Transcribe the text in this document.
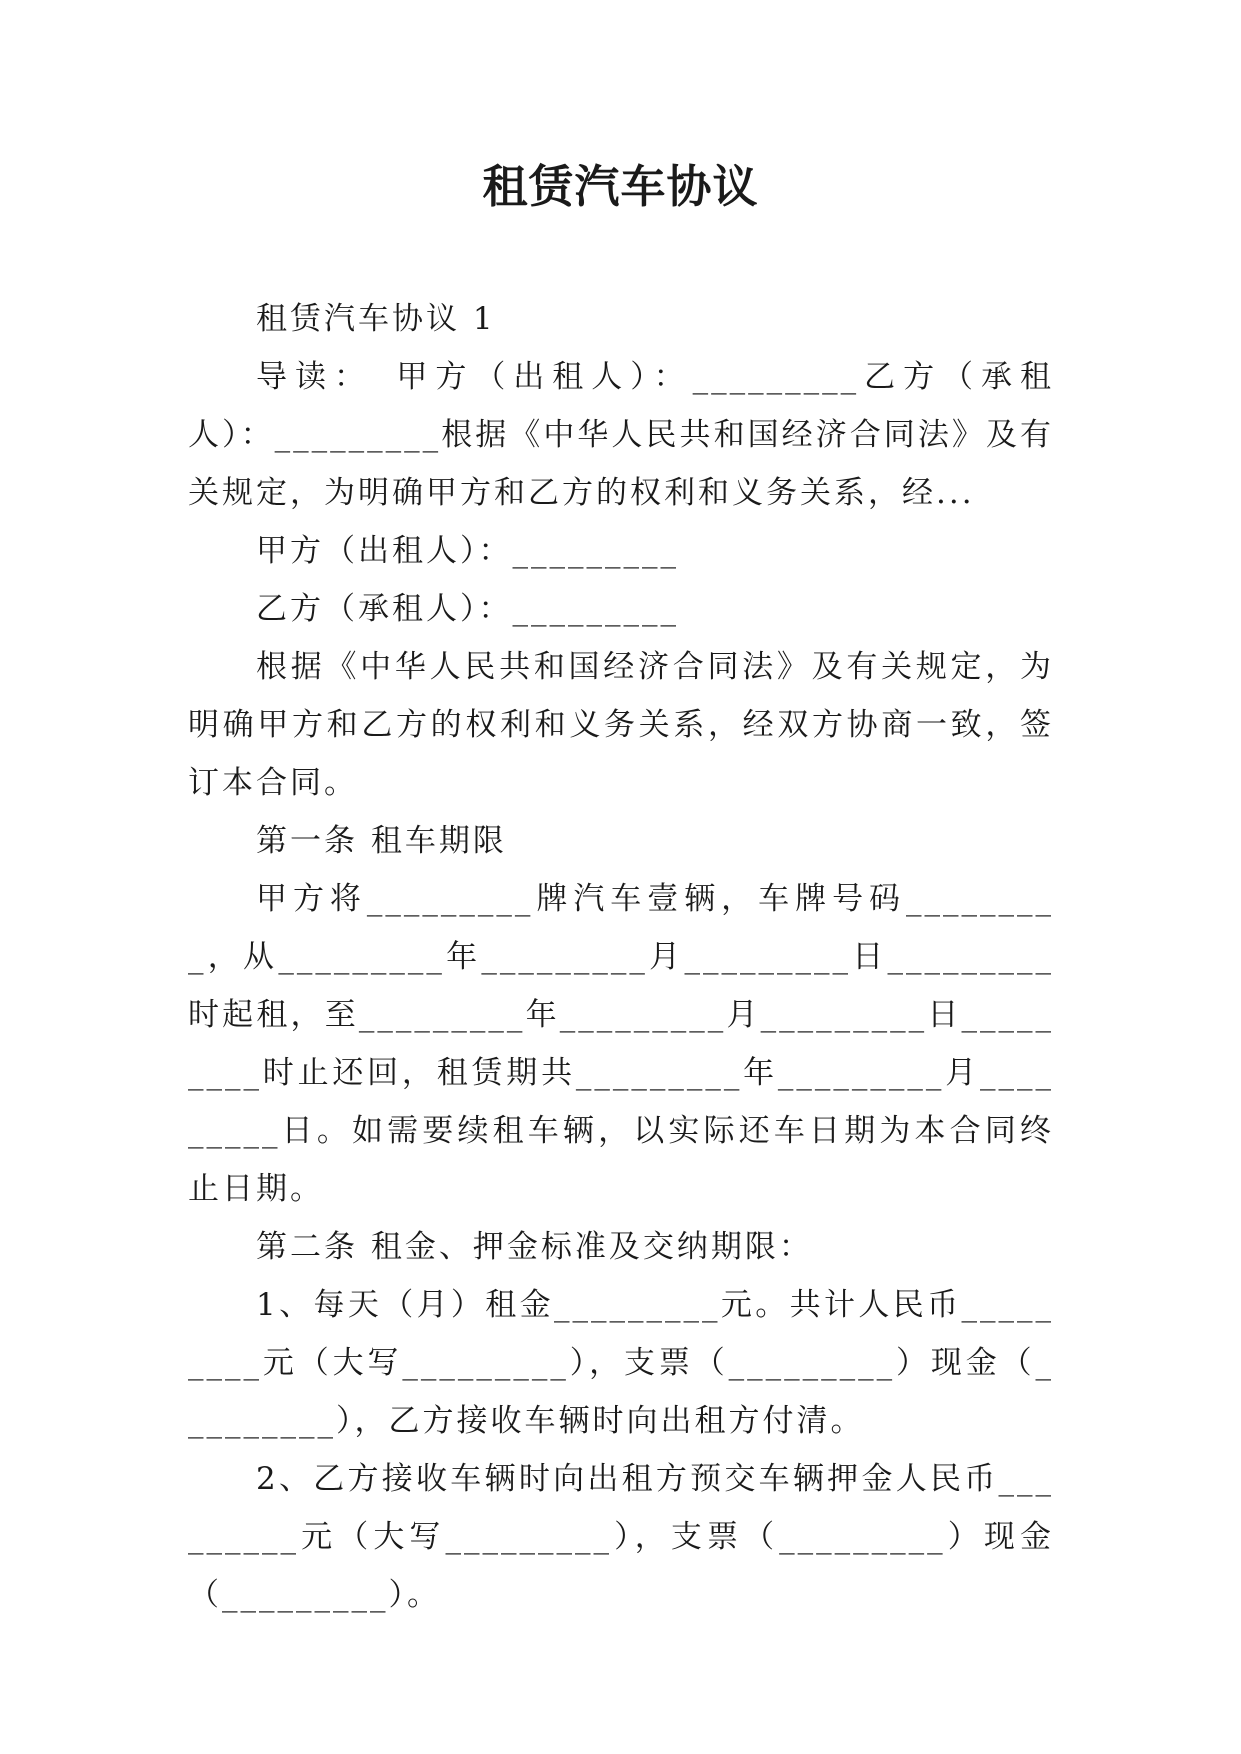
租赁汽车协议

租赁汽车协议 1

导读：　甲方（出租人）：_________乙方（承租人）：_________根据《中华人民共和国经济合同法》及有关规定，为明确甲方和乙方的权利和义务关系，经...

甲方（出租人）：_________

乙方（承租人）：_________

根据《中华人民共和国经济合同法》及有关规定，为明确甲方和乙方的权利和义务关系，经双方协商一致，签订本合同。

第一条 租车期限

甲方将_________牌汽车壹辆，车牌号码_________，从_________年_________月_________日_________时起租，至_________年_________月_________日_________时止还回，租赁期共_________年_________月_________日。如需要续租车辆，以实际还车日期为本合同终止日期。

第二条 租金、押金标准及交纳期限：

1、每天（月）租金_________元。共计人民币_________元（大写_________），支票（_________）现金（_________），乙方接收车辆时向出租方付清。

2、乙方接收车辆时向出租方预交车辆押金人民币_________元（大写_________），支票（_________）现金（_________）。
